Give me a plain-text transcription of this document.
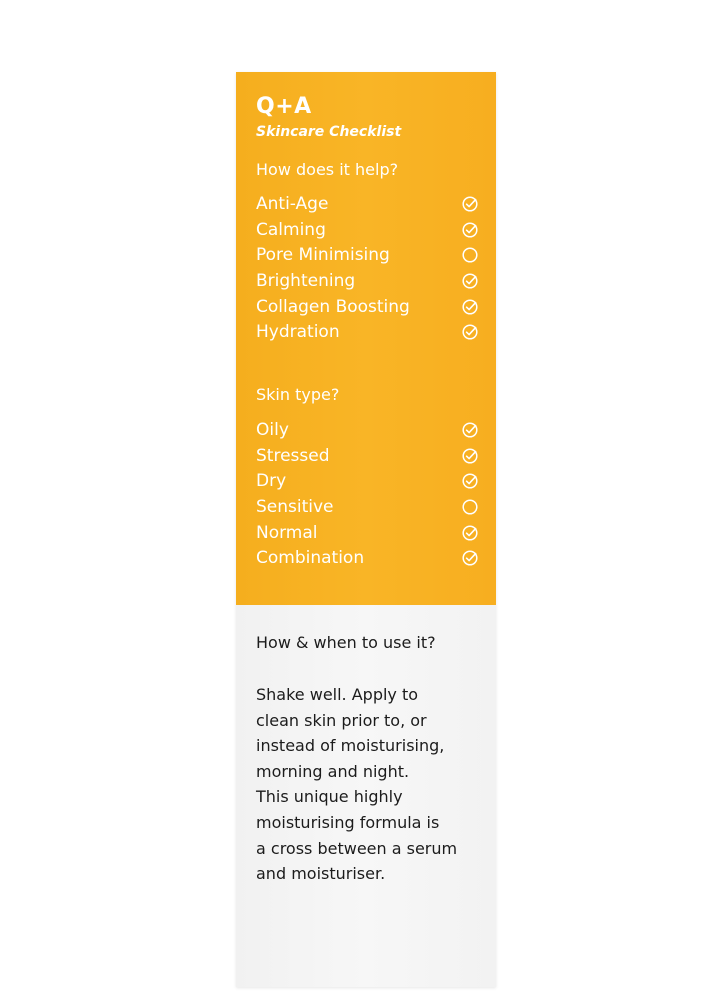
Q+A
Skincare Checklist
How does it help?
Anti-Age
Calming
Pore Minimising
Brightening
Collagen Boosting
Hydration
Skin type?
Oily
Stressed
Dry
Sensitive
Normal
Combination
How & when to use it?

Shake well. Apply to
clean skin prior to, or
instead of moisturising,
morning and night.
This unique highly
moisturising formula is
a cross between a serum
and moisturiser.
